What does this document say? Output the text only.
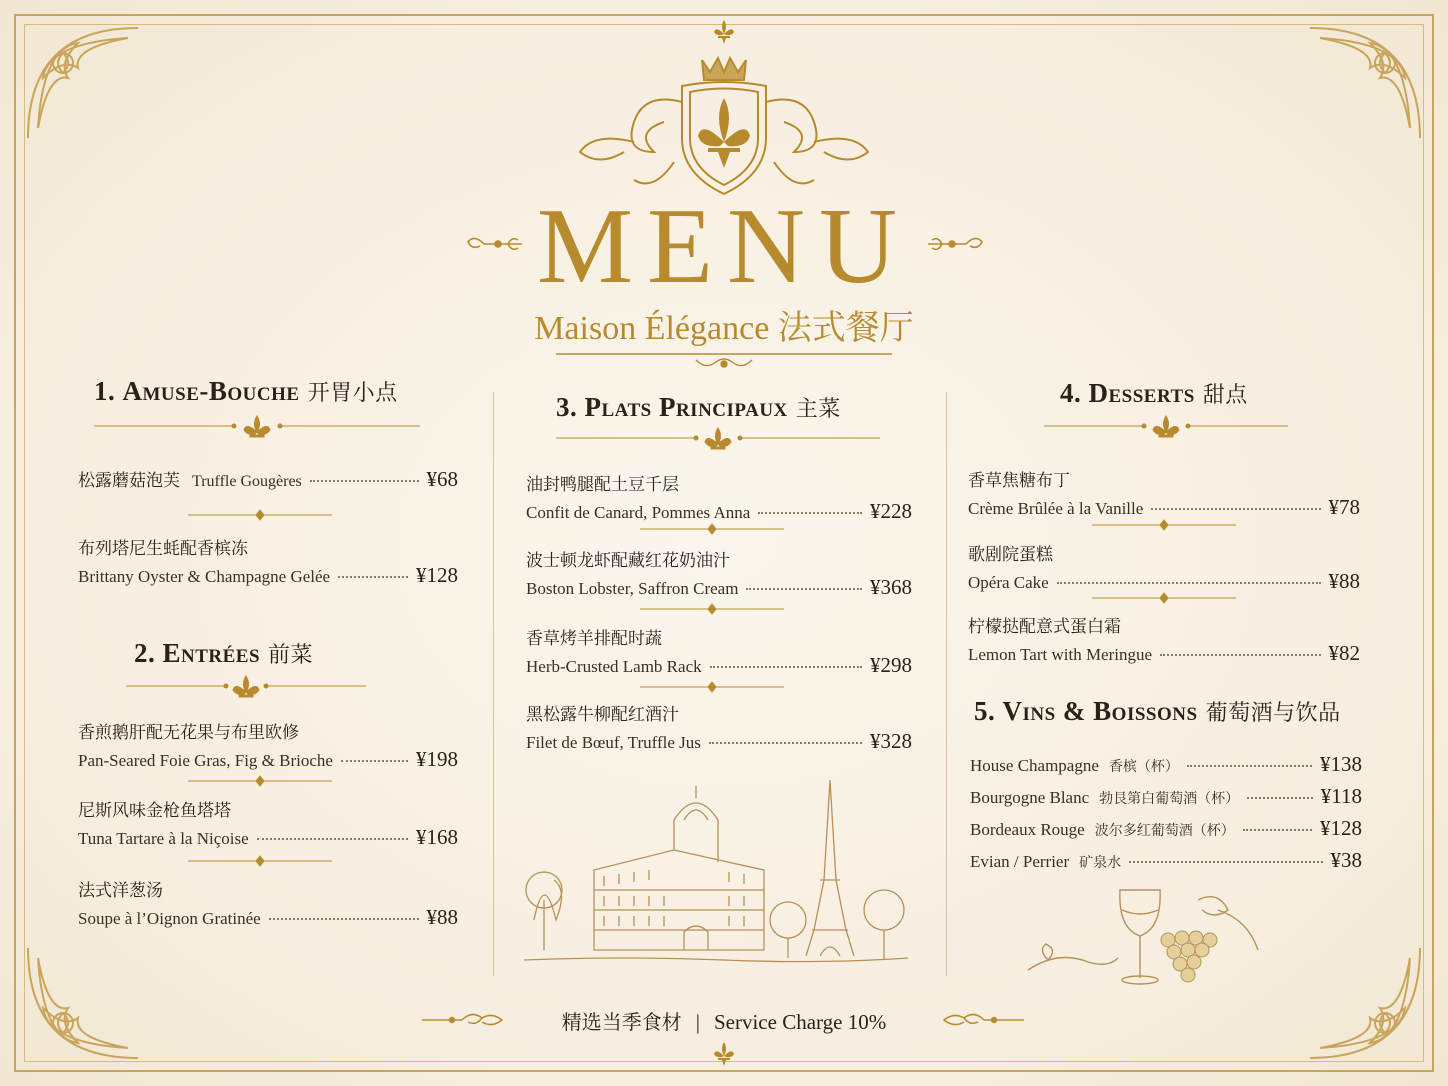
MENU
Maison Élégance 法式餐厅
1. Amuse-Bouche 开胃小点
松露蘑菇泡芙 Truffle Gougères	¥68
布列塔尼生蚝配香槟冻
Brittany Oyster & Champagne Gelée	¥128
2. Entrées 前菜
香煎鹅肝配无花果与布里欧修
Pan-Seared Foie Gras, Fig & Brioche	¥198
尼斯风味金枪鱼塔塔
Tuna Tartare à la Niçoise	¥168
法式洋葱汤
Soupe à l’Oignon Gratinée	¥88
3. Plats Principaux 主菜
油封鸭腿配土豆千层
Confit de Canard, Pommes Anna	¥228
波士顿龙虾配藏红花奶油汁
Boston Lobster, Saffron Cream	¥368
香草烤羊排配时蔬
Herb-Crusted Lamb Rack	¥298
黑松露牛柳配红酒汁
Filet de Bœuf, Truffle Jus	¥328
4. Desserts 甜点
香草焦糖布丁
Crème Brûlée à la Vanille	¥78
歌剧院蛋糕
Opéra Cake	¥88
柠檬挞配意式蛋白霜
Lemon Tart with Meringue	¥82
5. Vins & Boissons 葡萄酒与饮品
House Champagne 香槟（杯）	¥138
Bourgogne Blanc 勃艮第白葡萄酒（杯）	¥118
Bordeaux Rouge 波尔多红葡萄酒（杯）	¥128
Evian / Perrier 矿泉水	¥38
精选当季食材 | Service Charge 10%
